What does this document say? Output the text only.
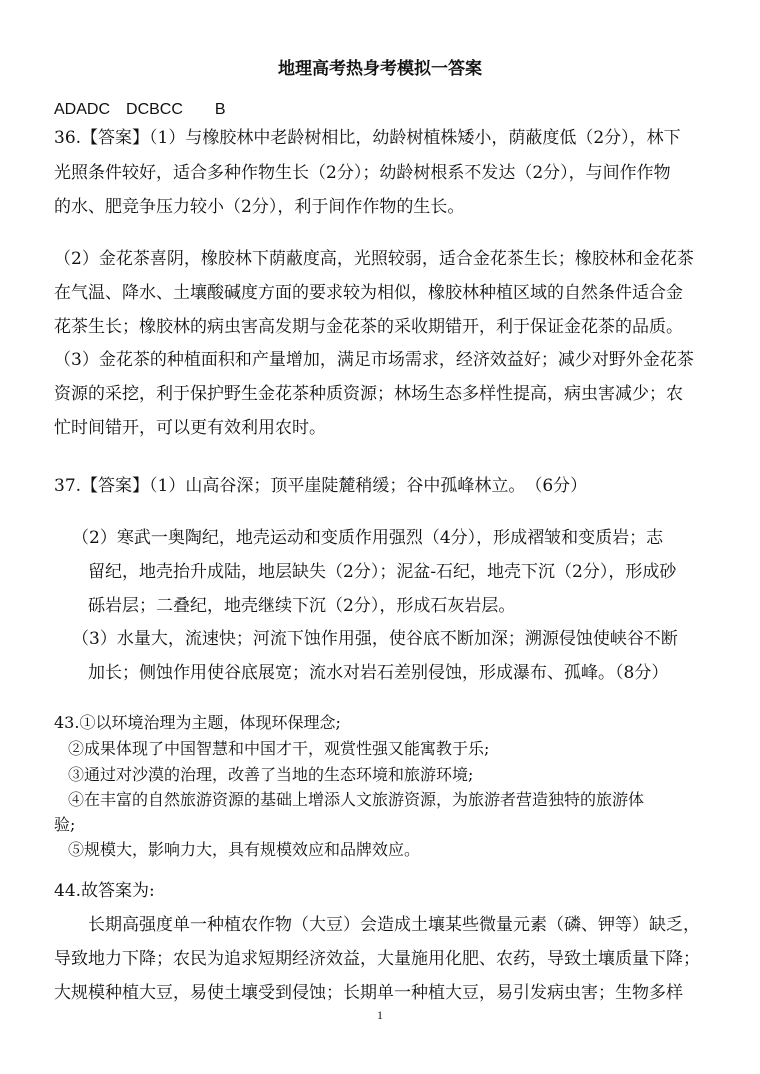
地理高考热身考模拟一答案
ADADC　DCBCC　　B
36.【答案】（1）与橡胶林中老龄树相比，幼龄树植株矮小，荫蔽度低（2分），林下
光照条件较好，适合多种作物生长（2分）；幼龄树根系不发达（2分），与间作作物
的水、肥竞争压力较小（2分），利于间作作物的生长。
（2）金花茶喜阴，橡胶林下荫蔽度高，光照较弱，适合金花茶生长；橡胶林和金花茶
在气温、降水、土壤酸碱度方面的要求较为相似，橡胶林种植区域的自然条件适合金
花茶生长；橡胶林的病虫害高发期与金花茶的采收期错开，利于保证金花茶的品质。
（3）金花茶的种植面积和产量增加，满足市场需求，经济效益好；减少对野外金花茶
资源的采挖，利于保护野生金花茶种质资源；林场生态多样性提高，病虫害减少；农
忙时间错开，可以更有效利用农时。
37.【答案】（1）山高谷深；顶平崖陡麓稍缓；谷中孤峰林立。　（6分）
（2）寒武一奥陶纪，地壳运动和变质作用强烈（4分），形成褶皱和变质岩；志
留纪，地壳抬升成陆，地层缺失（2分）；泥盆-石纪，地壳下沉（2分），形成砂
砾岩层；二叠纪，地壳继续下沉（2分），形成石灰岩层。
（3）水量大，流速快；河流下蚀作用强，使谷底不断加深；溯源侵蚀使峡谷不断
加长；侧蚀作用使谷底展宽；流水对岩石差别侵蚀，形成瀑布、孤峰。（8分）
43.①以环境治理为主题，体现环保理念;
②成果体现了中国智慧和中国才干，观赏性强又能寓教于乐;
③通过对沙漠的治理，改善了当地的生态环境和旅游环境;
④在丰富的自然旅游资源的基础上增添人文旅游资源，为旅游者营造独特的旅游体
验;
⑤规模大，影响力大，具有规模效应和品牌效应。
44.故答案为:
长期高强度单一种植农作物（大豆）会造成土壤某些微量元素（磷、钾等）缺乏，
导致地力下降；农民为追求短期经济效益，大量施用化肥、农药，导致土壤质量下降；
大规模种植大豆，易使土壤受到侵蚀；长期单一种植大豆，易引发病虫害；生物多样
1
